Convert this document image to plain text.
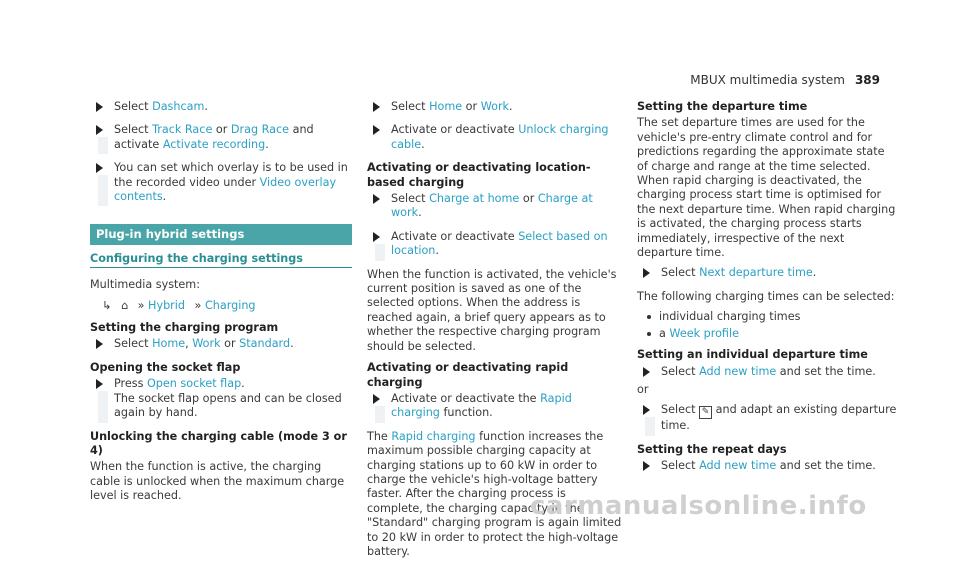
MBUX multimedia system 389
Select Dashcam.
Select Track Race or Drag Race and activate Activate recording.
You can set which overlay is to be used in the recorded video under Video overlay contents.
Plug-in hybrid settings
Configuring the charging settings
Multimedia system:
↳ ⌂ » Hybrid » Charging
Setting the charging program
Select Home, Work or Standard.
Opening the socket flap
Press Open socket flap.
The socket flap opens and can be closed again by hand.
Unlocking the charging cable (mode 3 or 4)
When the function is active, the charging cable is unlocked when the maximum charge level is reached.
Select Home or Work.
Activate or deactivate Unlock charging cable.
Activating or deactivating location-based charging
Select Charge at home or Charge at work.
Activate or deactivate Select based on location.
When the function is activated, the vehicle's current position is saved as one of the selected options. When the address is reached again, a brief query appears as to whether the respective charging program should be selected.
Activating or deactivating rapid charging
Activate or deactivate the Rapid charging function.
The Rapid charging function increases the maximum possible charging capacity at charging stations up to 60 kW in order to charge the vehicle's high-voltage battery faster. After the charging process is complete, the charging capacity in the "Standard" charging program is again limited to 20 kW in order to protect the high-voltage battery.
Setting the departure time
The set departure times are used for the vehicle's pre-entry climate control and for predictions regarding the approximate state of charge and range at the time selected. When rapid charging is deactivated, the charging process start time is optimised for the next departure time. When rapid charging is activated, the charging process starts immediately, irrespective of the next departure time.
Select Next departure time.
The following charging times can be selected:
individual charging times
a Week profile
Setting an individual departure time
Select Add new time and set the time.
or
Select ✎ and adapt an existing departure time.
Setting the repeat days
Select Add new time and set the time.
carmanualsonline.info
